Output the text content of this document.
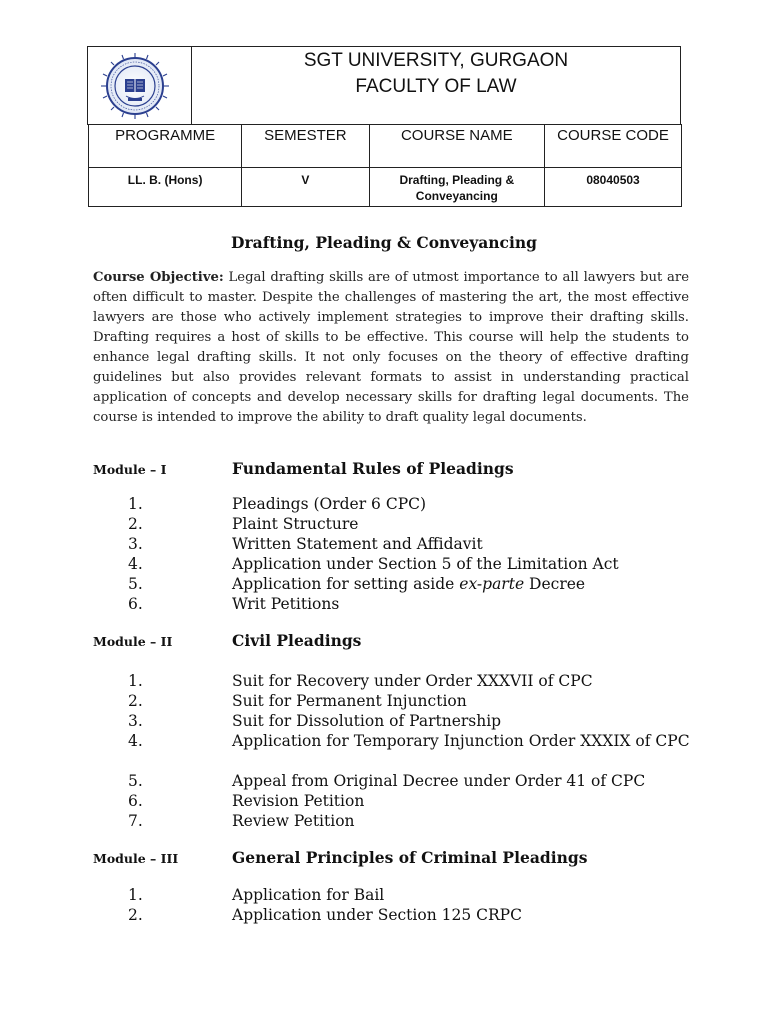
SGT UNIVERSITY, GURGAON
FACULTY OF LAW
PROGRAMME	SEMESTER	COURSE NAME	COURSE CODE
LL. B. (Hons)	V	Drafting, Pleading & Conveyancing	08040503
Drafting, Pleading & Conveyancing
Course Objective: Legal drafting skills are of utmost importance to all lawyers but are often difficult to master. Despite the challenges of mastering the art, the most effective lawyers are those who actively implement strategies to improve their drafting skills. Drafting requires a host of skills to be effective. This course will help the students to enhance legal drafting skills. It not only focuses on the theory of effective drafting guidelines but also provides relevant formats to assist in understanding practical application of concepts and develop necessary skills for drafting legal documents. The course is intended to improve the ability to draft quality legal documents.
Module – I	Fundamental Rules of Pleadings
1.	Pleadings (Order 6 CPC)
2.	Plaint Structure
3.	Written Statement and Affidavit
4.	Application under Section 5 of the Limitation Act
5.	Application for setting aside ex-parte Decree
6.	Writ Petitions
Module – II	Civil Pleadings
1.	Suit for Recovery under Order XXXVII of CPC
2.	Suit for Permanent Injunction
3.	Suit for Dissolution of Partnership
4.	Application for Temporary Injunction Order XXXIX of CPC
5.	Appeal from Original Decree under Order 41 of CPC
6.	Revision Petition
7.	Review Petition
Module – III	General Principles of Criminal Pleadings
1.	Application for Bail
2.	Application under Section 125 CRPC
